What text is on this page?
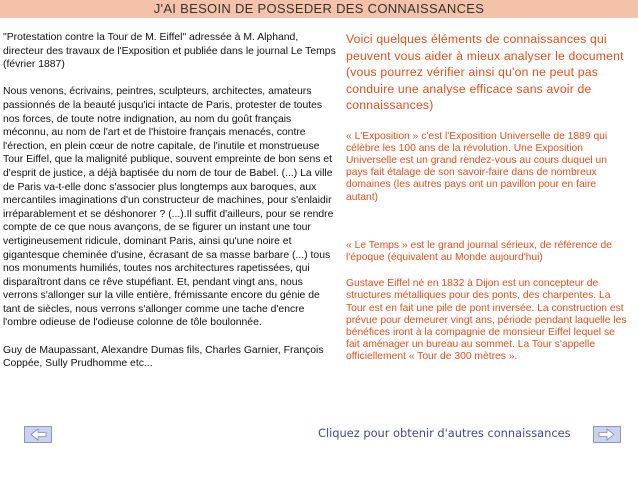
J'AI BESOIN DE POSSEDER DES CONNAISSANCES

"Protestation contre la Tour de M. Eiffel" adressée à M. Alphand, directeur des travaux de l'Exposition et publiée dans le journal Le Temps (février 1887)

Nous venons, écrivains, peintres, sculpteurs, architectes, amateurs passionnés de la beauté jusqu'ici intacte de Paris, protester de toutes nos forces, de toute notre indignation, au nom du goût français méconnu, au nom de l'art et de l'histoire français menacés, contre l'érection, en plein cœur de notre capitale, de l'inutile et monstrueuse Tour Eiffel, que la malignité publique, souvent empreinte de bon sens et d'esprit de justice, a déjà baptisée du nom de tour de Babel. (...) La ville de Paris va-t-elle donc s'associer plus longtemps aux baroques, aux mercantiles imaginations d'un constructeur de machines, pour s'enlaidir irréparablement et se déshonorer ? (...).Il suffit d'ailleurs, pour se rendre compte de ce que nous avançons, de se figurer un instant une tour vertigineusement ridicule, dominant Paris, ainsi qu'une noire et gigantesque cheminée d'usine, écrasant de sa masse barbare (...) tous nos monuments humiliés, toutes nos architectures rapetissées, qui disparaîtront dans ce rêve stupéfiant. Et, pendant vingt ans, nous verrons s'allonger sur la ville entière, frémissante encore du génie de tant de siècles, nous verrons s'allonger comme une tache d'encre l'ombre odieuse de l'odieuse colonne de tôle boulonnée.

Guy de Maupassant, Alexandre Dumas fils, Charles Garnier, François Coppée, Sully Prudhomme etc...

Voici quelques éléments de connaissances qui peuvent vous aider à mieux analyser le document (vous pourrez vérifier ainsi qu'on ne peut pas conduire une analyse efficace sans avoir de connaissances)

« L'Exposition » c'est l'Exposition Universelle de 1889 qui célèbre les 100 ans de la révolution. Une Exposition Universelle est un grand rendez-vous au cours duquel un pays fait étalage de son savoir-faire dans de nombreux domaines (les autres pays ont un pavillon pour en faire autant)

« Le Temps » est le grand journal sérieux, de référence de l'époque (équivalent au Monde aujourd'hui)

Gustave Eiffel né en 1832 à Dijon est un concepteur de structures métalliques pour des ponts, des charpentes. La Tour est en fait une pile de pont inversée. La construction est prévue pour demeurer vingt ans, période pendant laquelle les bénéfices iront à la compagnie de monsieur Eiffel lequel se fait aménager un bureau au sommet. La Tour s'appelle officiellement « Tour de 300 mètres ».

Cliquez pour obtenir d'autres connaissances
